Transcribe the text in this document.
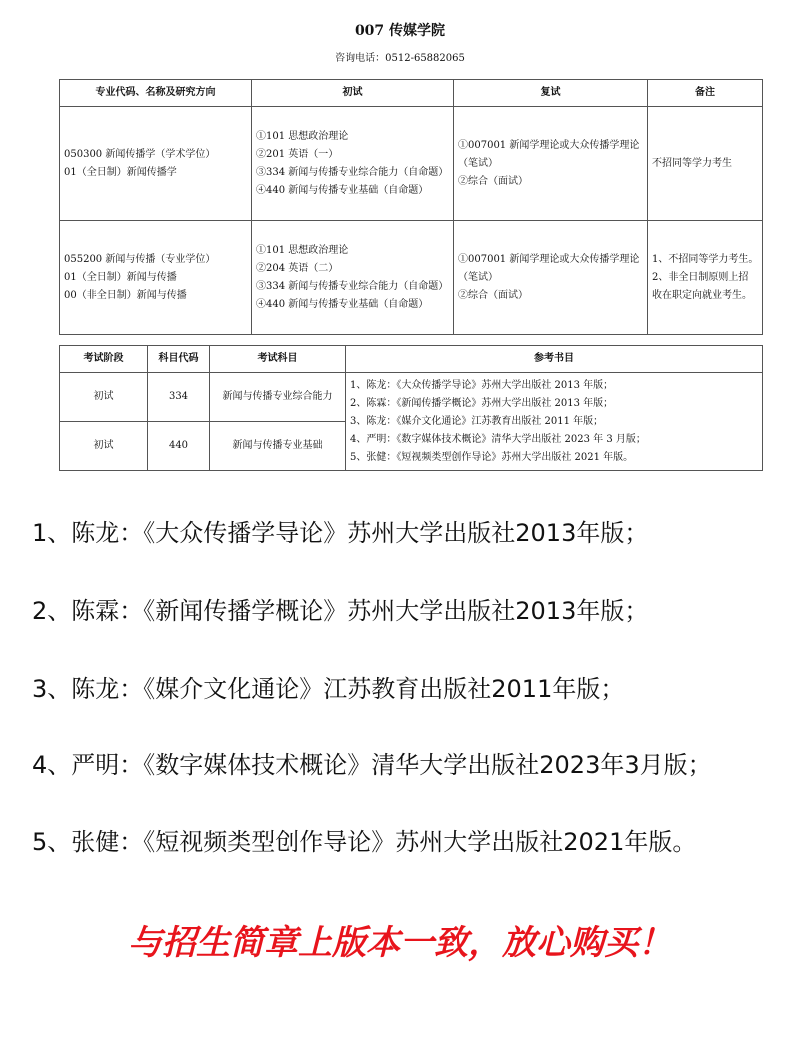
007 传媒学院
咨询电话：0512-65882065
专业代码、名称及研究方向	初试	复试	备注

050300 新闻传播学（学术学位）
01（全日制）新闻传播学	①101 思想政治理论
②201 英语（一）
③334 新闻与传播专业综合能力（自命题）
④440 新闻与传播专业基础（自命题）	①007001 新闻学理论或大众传播学理论
（笔试）
②综合（面试）	不招同等学力考生

055200 新闻与传播（专业学位）
01（全日制）新闻与传播
00（非全日制）新闻与传播	①101 思想政治理论
②204 英语（二）
③334 新闻与传播专业综合能力（自命题）
④440 新闻与传播专业基础（自命题）	①007001 新闻学理论或大众传播学理论
（笔试）
②综合（面试）	1、不招同等学力考生。
2、非全日制原则上招
收在职定向就业考生。
考试阶段	科目代码	考试科目	参考书目
初试	334	新闻与传播专业综合能力	1、陈龙：《大众传播学导论》苏州大学出版社 2013 年版；
2、陈霖：《新闻传播学概论》苏州大学出版社 2013 年版；
3、陈龙：《媒介文化通论》江苏教育出版社 2011 年版；
4、严明：《数字媒体技术概论》清华大学出版社 2023 年 3 月版；
5、张健：《短视频类型创作导论》苏州大学出版社 2021 年版。

初试	440	新闻与传播专业基础	
1、陈龙：《大众传播学导论》苏州大学出版社2013年版；
2、陈霖：《新闻传播学概论》苏州大学出版社2013年版；
3、陈龙：《媒介文化通论》江苏教育出版社2011年版；
4、严明：《数字媒体技术概论》清华大学出版社2023年3月版；
5、张健：《短视频类型创作导论》苏州大学出版社2021年版。
与招生简章上版本一致，放心购买！
